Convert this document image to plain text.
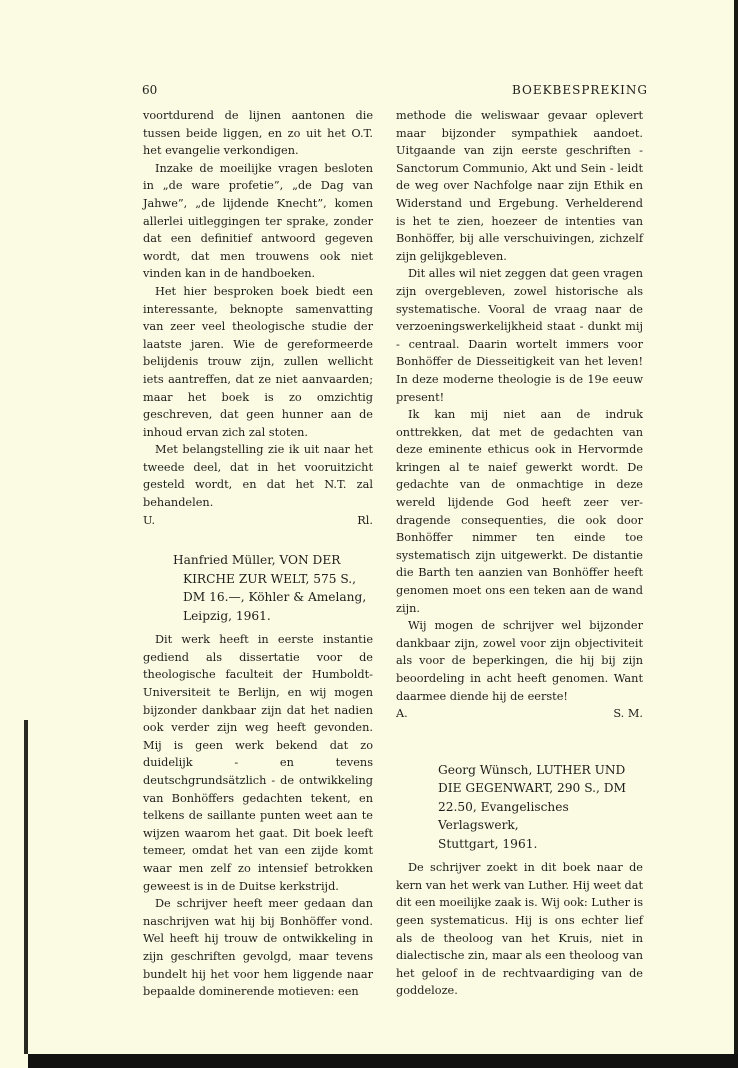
60	BOEKBESPREKING

voortdurend de lijnen aantonen die tussen beide liggen, en zo uit het O.T. het evangelie verkondigen.

Inzake de moeilijke vragen besloten in „de ware profetie”, „de Dag van Jahwe”, „de lijdende Knecht”, komen allerlei uitleggingen ter sprake, zonder dat een definitief antwoord gegeven wordt, dat men trouwens ook niet vinden kan in de handboeken.

Het hier besproken boek biedt een interessante, beknopte samenvatting van zeer veel theologische studie der laatste jaren. Wie de gereformeerde belijdenis trouw zijn, zullen wellicht iets aantreffen, dat ze niet aanvaarden; maar het boek is zo omzichtig geschreven, dat geen hunner aan de inhoud ervan zich zal stoten.

Met belangstelling zie ik uit naar het tweede deel, dat in het vooruitzicht gesteld wordt, en dat het N.T. zal behandelen.

U.	Rl.
Hanfried Müller, VON DER
KIRCHE ZUR WELT, 575 S.,
DM 16.—, Köhler & Amelang,
Leipzig, 1961.

Dit werk heeft in eerste instantie gediend als dissertatie voor de theologische faculteit der Humboldt-Universiteit te Berlijn, en wij mogen bijzonder dankbaar zijn dat het nadien ook verder zijn weg heeft gevonden. Mij is geen werk bekend dat zo duidelijk - en tevens deutschgrundsätzlich - de ontwikkeling van Bonhöffers gedachten tekent, en telkens de saillante punten weet aan te wijzen waarom het gaat. Dit boek leeft temeer, omdat het van een zijde komt waar men zelf zo intensief betrokken geweest is in de Duitse kerkstrijd.

De schrijver heeft meer gedaan dan naschrijven wat hij bij Bonhöffer vond. Wel heeft hij trouw de ontwikkeling in zijn geschriften gevolgd, maar tevens bundelt hij het voor hem liggende naar bepaalde dominerende motieven: een

methode die weliswaar gevaar oplevert maar bijzonder sympathiek aandoet. Uitgaande van zijn eerste geschriften - Sanctorum Communio, Akt und Sein - leidt de weg over Nachfolge naar zijn Ethik en Widerstand und Ergebung. Verhelderend is het te zien, hoezeer de intenties van Bonhöffer, bij alle verschuivingen, zichzelf zijn gelijkgebleven.

Dit alles wil niet zeggen dat geen vragen zijn overgebleven, zowel historische als systematische. Vooral de vraag naar de verzoeningswerkelijkheid staat - dunkt mij - centraal. Daarin wortelt immers voor Bonhöffer de Diesseitigkeit van het leven! In deze moderne theologie is de 19e eeuw present!

Ik kan mij niet aan de indruk onttrekken, dat met de gedachten van deze eminente ethicus ook in Hervormde kringen al te naief gewerkt wordt. De gedachte van de onmachtige in deze wereld lijdende God heeft zeer ver-dragende consequenties, die ook door Bonhöffer nimmer ten einde toe systematisch zijn uitgewerkt. De distantie die Barth ten aanzien van Bonhöffer heeft genomen moet ons een teken aan de wand zijn.

Wij mogen de schrijver wel bijzonder dankbaar zijn, zowel voor zijn objectiviteit als voor de beperkingen, die hij bij zijn beoordeling in acht heeft genomen. Want daarmee diende hij de eerste!

A.	S. M.
Georg Wünsch, LUTHER UND
DIE GEGENWART, 290 S., DM
22.50, Evangelisches Verlagswerk,
Stuttgart, 1961.

De schrijver zoekt in dit boek naar de kern van het werk van Luther. Hij weet dat dit een moeilijke zaak is. Wij ook: Luther is geen systematicus. Hij is ons echter lief als de theoloog van het Kruis, niet in dialectische zin, maar als een theoloog van het geloof in de rechtvaardiging van de goddeloze.
